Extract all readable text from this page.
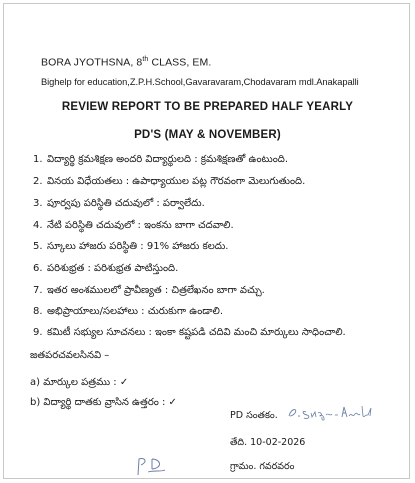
BORA JYOTHSNA, 8th CLASS, EM.
Bighelp for education,Z.P.H.School,Gavaravaram,Chodavaram mdl.Anakapalli
REVIEW REPORT TO BE PREPARED HALF YEARLY
PD'S (MAY & NOVEMBER)
1. విద్యార్థి క్రమశిక్షణ అందరి విద్యార్థులది : క్రమశిక్షణతో ఉంటుంది.
2. వినయ విధేయతలు : ఉపాధ్యాయుల పట్ల గౌరవంగా మెలుగుతుంది.
3. పూర్వపు పరిస్థితి చదువులో : పర్వాలేదు.
4. నేటి పరిస్థితి చదువులో : ఇంకను బాగా చదవాలి.
5. స్కూలు హాజరు పరిస్థితి : 91% హాజరు కలదు.
6. పరిశుభ్రత : పరిశుభ్రత పాటిస్తుంది.
7. ఇతర అంశములలో ప్రావీణ్యత : చిత్రలేఖనం బాగా వచ్చు.
8. అభిప్రాయాలు/సలహాలు : చురుకుగా ఉండాలి.
9. కమిటీ సభ్యుల సూచనలు : ఇంకా కష్టపడి చదివి మంచి మార్కులు సాధించాలి.
జతపరచవలసినవి –
a) మార్కుల పత్రము : ✓
b) విద్యార్థి దాతకు వ్రాసిన ఉత్తరం : ✓
PD సంతకం.
తేది. 10-02-2026
గ్రామం. గవరవరం
